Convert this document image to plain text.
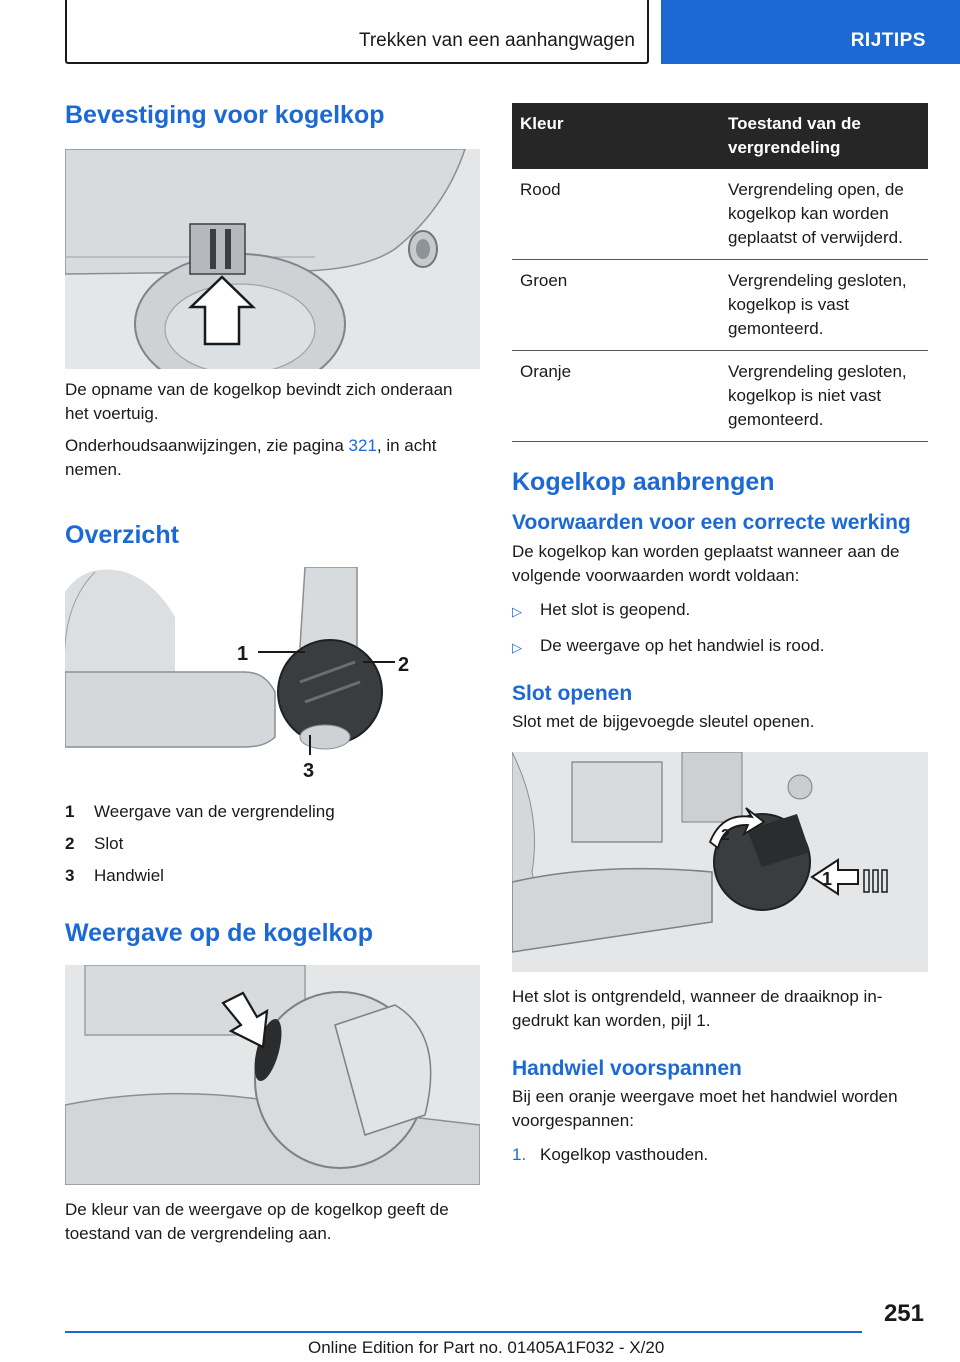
Trekken van een aanhangwagen	RIJTIPS
Bevestiging voor kogelkop

De opname van de kogelkop bevindt zich onderaan het voertuig.

Onderhoudsaanwijzingen, zie pagina 321, in acht nemen.

Overzicht
1	2
3
1	Weergave van de vergrendeling
2	Slot
3	Handwiel
Weergave op de kogelkop

De kleur van de weergave op de kogelkop geeft de toestand van de vergrendeling aan.

Kleur	Toestand van de vergrendeling
Rood	Vergrendeling open, de kogelkop kan worden geplaatst of verwijderd.
Groen	Vergrendeling gesloten, kogelkop is vast gemonteerd.
Oranje	Vergrendeling gesloten, kogelkop is niet vast gemonteerd.
Kogelkop aanbrengen
Voorwaarden voor een correcte werking

De kogelkop kan worden geplaatst wanneer aan de volgende voorwaarden wordt voldaan:

▷	Het slot is geopend.
▷	De weergave op het handwiel is rood.
Slot openen

Slot met de bijgevoegde sleutel openen.

2
1

Het slot is ontgrendeld, wanneer de draaiknop ingedrukt kan worden, pijl 1.

Handwiel voorspannen

Bij een oranje weergave moet het handwiel worden voorgespannen:

1. Kogelkop vasthouden.
251
Online Edition for Part no. 01405A1F032 - X/20
